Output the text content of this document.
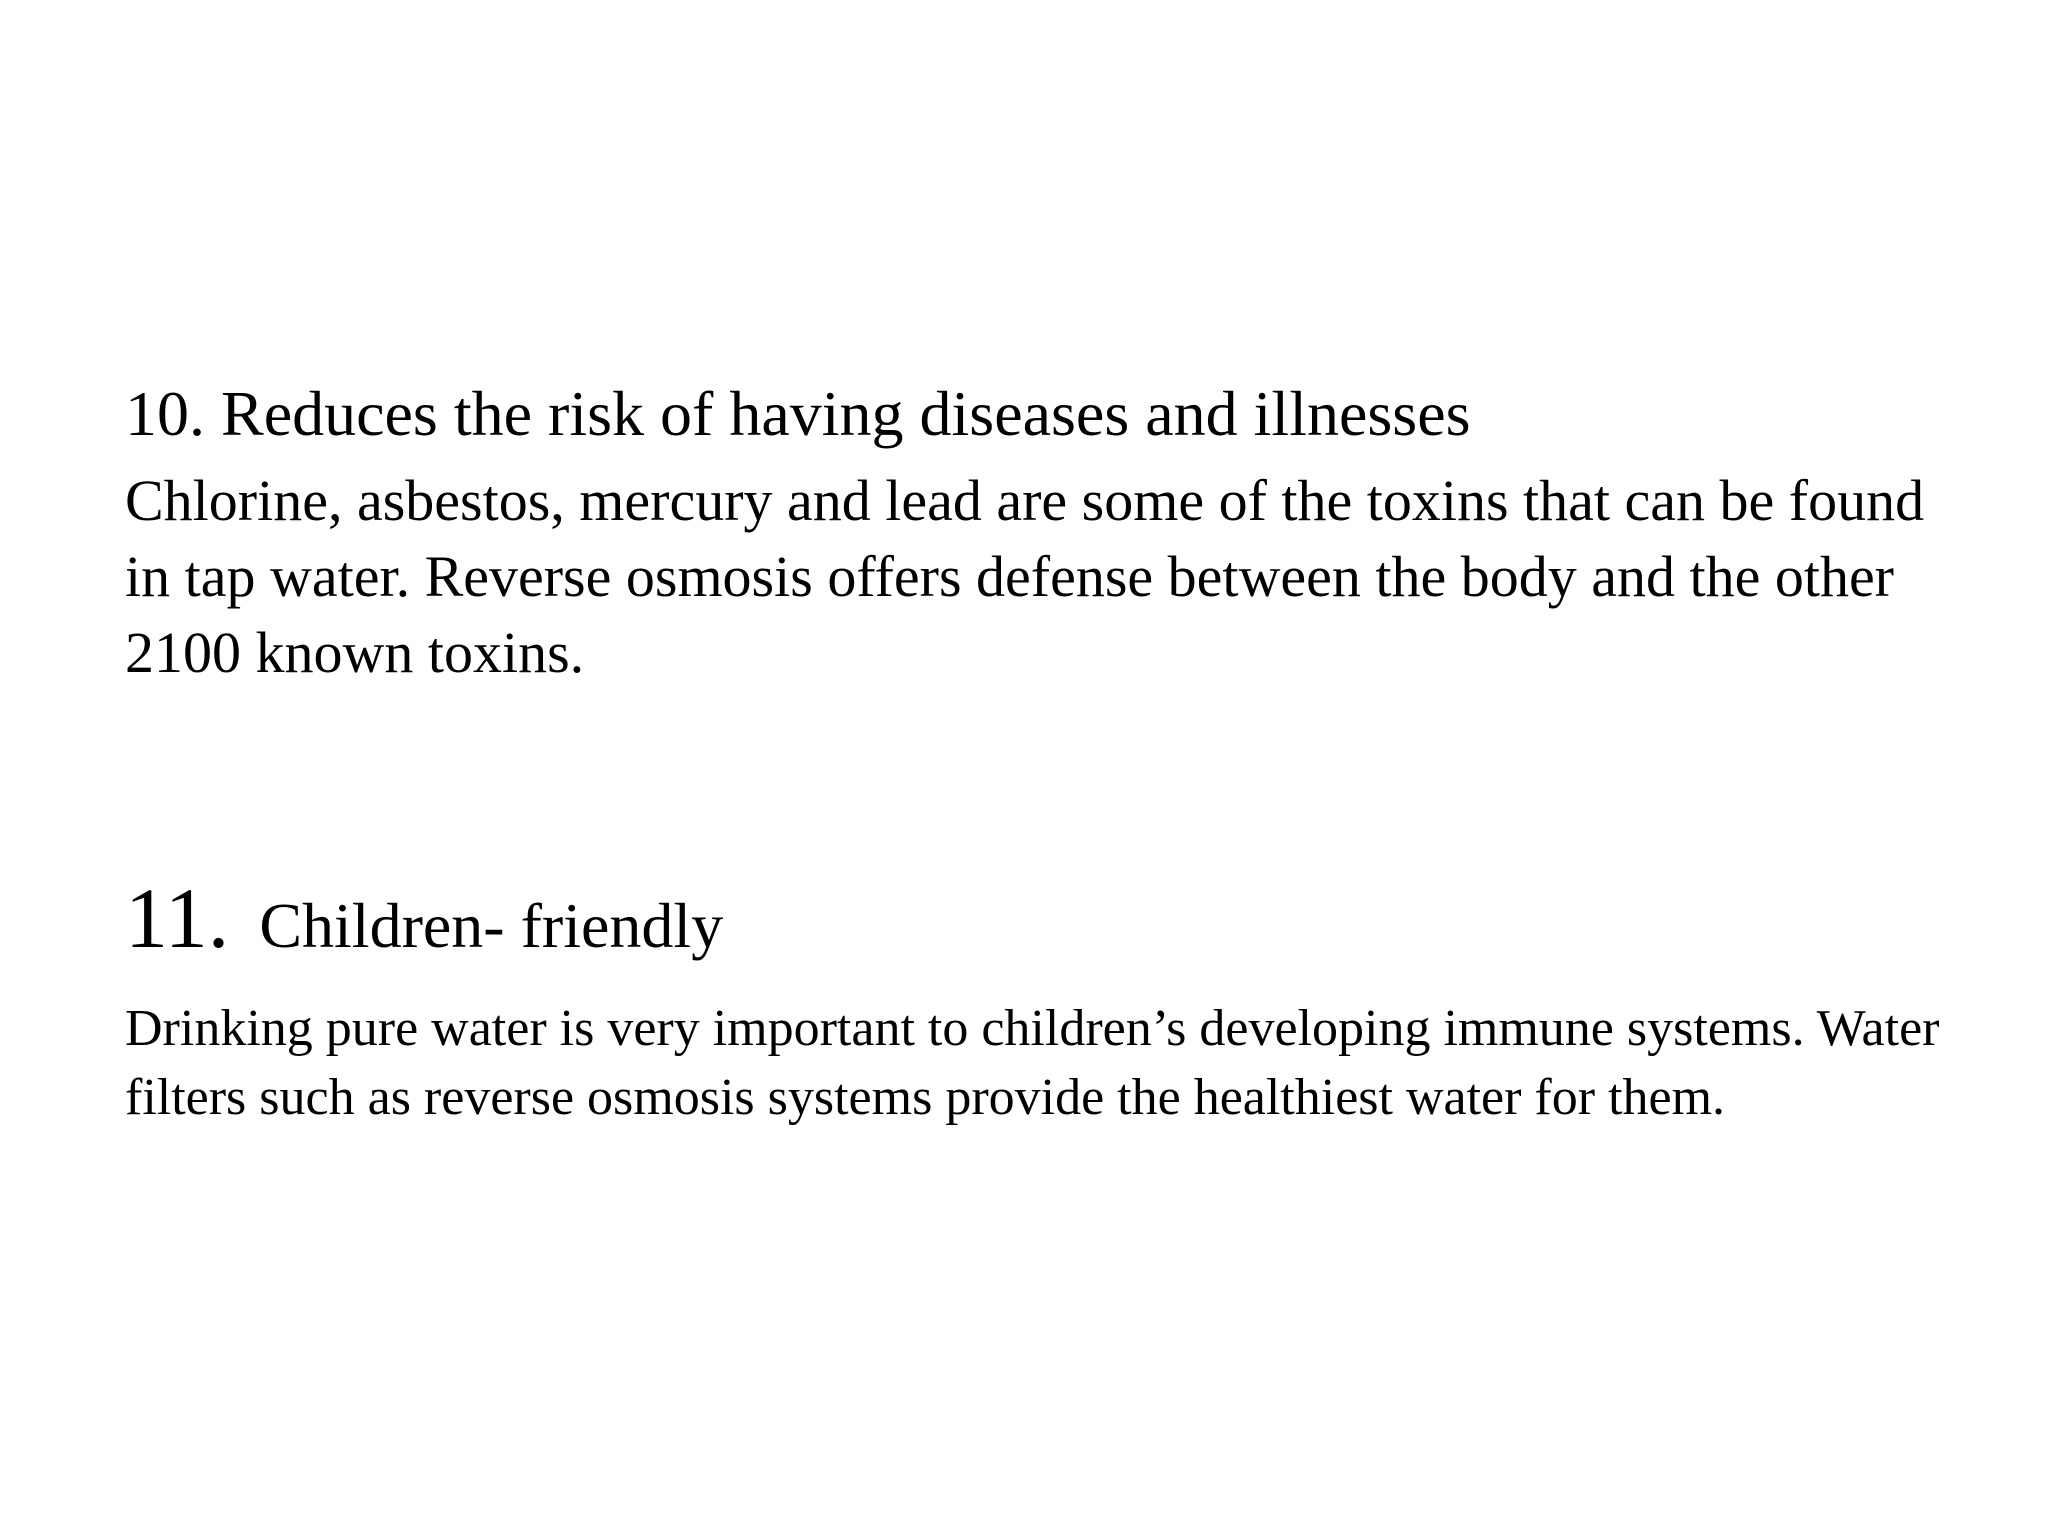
10. Reduces the risk of having diseases and illnesses

Chlorine, asbestos, mercury and lead are some of the toxins that can be found in tap water. Reverse osmosis offers defense between the body and the other 2100 known toxins.

11. Children- friendly

Drinking pure water is very important to children’s developing immune systems. Water filters such as reverse osmosis systems provide the healthiest water for them.
